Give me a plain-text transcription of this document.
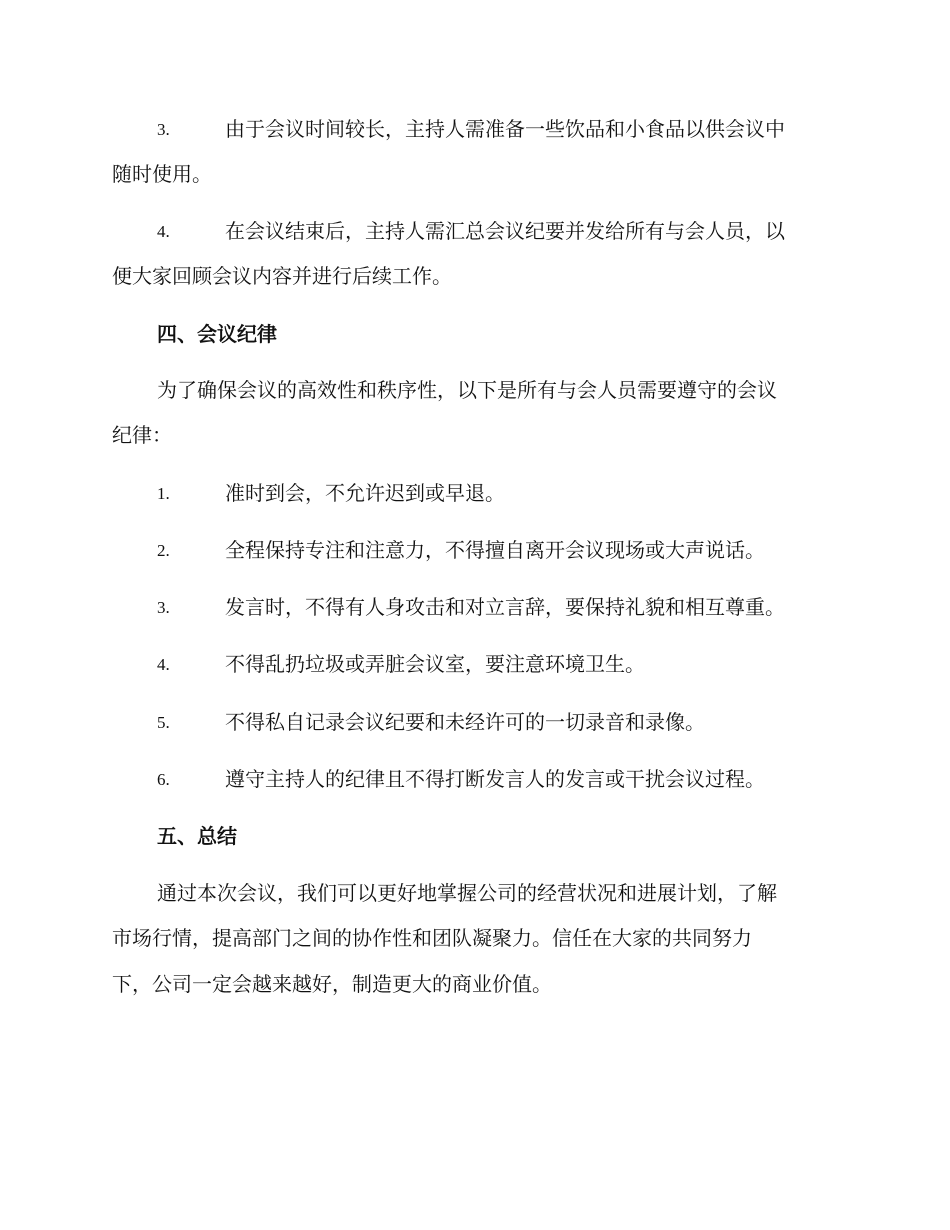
3.	由于会议时间较长，主持人需准备一些饮品和小食品以供会议中
随时使用。
4.	在会议结束后，主持人需汇总会议纪要并发给所有与会人员，以
便大家回顾会议内容并进行后续工作。
四、会议纪律
为了确保会议的高效性和秩序性，以下是所有与会人员需要遵守的会议
纪律：
1.	准时到会，不允许迟到或早退。
2.	全程保持专注和注意力，不得擅自离开会议现场或大声说话。
3.	发言时，不得有人身攻击和对立言辞，要保持礼貌和相互尊重。
4.	不得乱扔垃圾或弄脏会议室，要注意环境卫生。
5.	不得私自记录会议纪要和未经许可的一切录音和录像。
6.	遵守主持人的纪律且不得打断发言人的发言或干扰会议过程。
五、总结
通过本次会议，我们可以更好地掌握公司的经营状况和进展计划，了解
市场行情，提高部门之间的协作性和团队凝聚力。信任在大家的共同努力
下，公司一定会越来越好，制造更大的商业价值。
